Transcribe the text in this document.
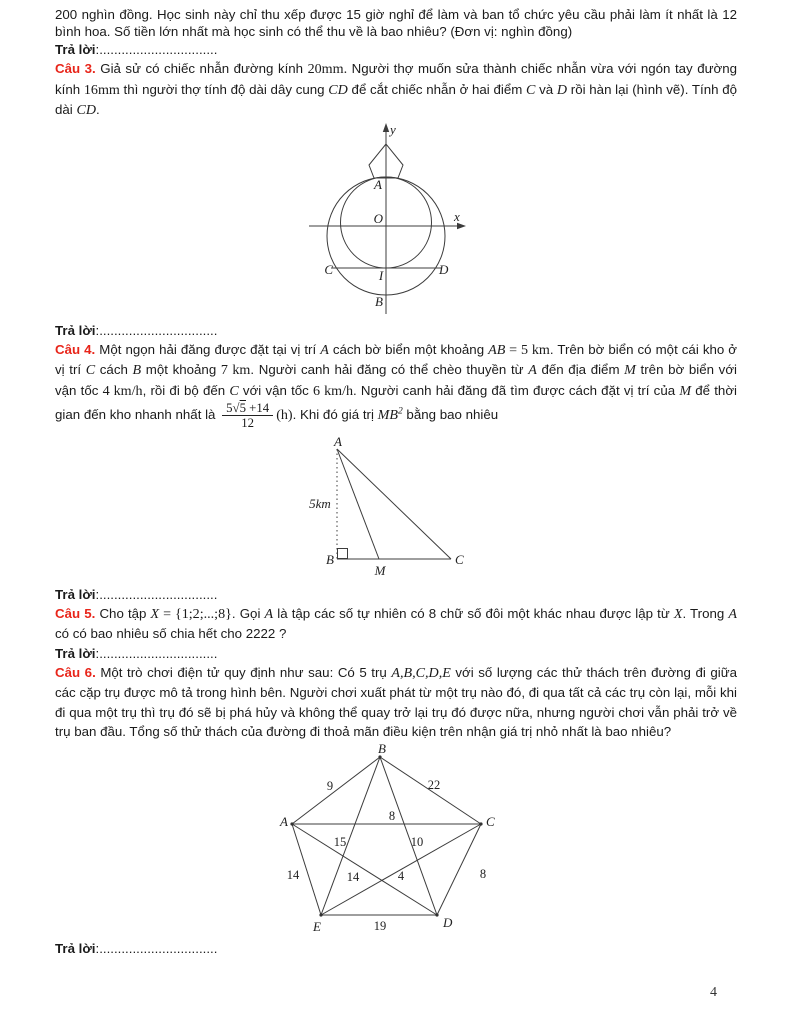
200 nghìn đồng. Học sinh này chỉ thu xếp được 15 giờ nghỉ để làm và ban tổ chức yêu cầu phải làm ít nhất là 12 bình hoa. Số tiền lớn nhất mà học sinh có thể thu về là bao nhiêu? (Đơn vị: nghìn đồng)

Trả lời:................................

Câu 3. Giả sử có chiếc nhẫn đường kính 20mm. Người thợ muốn sửa thành chiếc nhẫn vừa với ngón tay đường kính 16mm thì người thợ tính độ dài dây cung CD để cắt chiếc nhẫn ở hai điểm C và D rồi hàn lại (hình vẽ). Tính độ dài CD.

y
x
A
O
C	I	D
B

Trả lời:................................

Câu 4. Một ngọn hải đăng được đặt tại vị trí A cách bờ biển một khoảng AB = 5 km. Trên bờ biển có một cái kho ở vị trí C cách B một khoảng 7 km. Người canh hải đăng có thể chèo thuyền từ A đến địa điểm M trên bờ biển với vận tốc 4 km/h, rồi đi bộ đến C với vận tốc 6 km/h. Người canh hải đăng đã tìm được cách đặt vị trí của M để thời gian đến kho nhanh nhất là $\frac{5√5 +14}{12} (h)$. Khi đó giá trị $MB^2$ bằng bao nhiêu

A
B	C
M
5km

Trả lời:................................

Câu 5. Cho tập X = {1;2;...;8}. Gọi A là tập các số tự nhiên có 8 chữ số đôi một khác nhau được lập từ X. Trong A có có bao nhiêu số chia hết cho 2222 ?

Trả lời:................................

Câu 6. Một trò chơi điện tử quy định như sau: Có 5 trụ A,B,C,D,E với số lượng các thử thách trên đường đi giữa các cặp trụ được mô tả trong hình bên. Người chơi xuất phát từ một trụ nào đó, đi qua tất cả các trụ còn lại, mỗi khi đi qua một trụ thì trụ đó sẽ bị phá hủy và không thể quay trở lại trụ đó được nữa, nhưng người chơi vẫn phải trở về trụ ban đầu. Tổng số thử thách của đường đi thoả mãn điều kiện trên nhận giá trị nhỏ nhất là bao nhiêu?

A
B
C
D
E
9	22
8
15	10
14	14	4	8
19

Trả lời:................................

4
